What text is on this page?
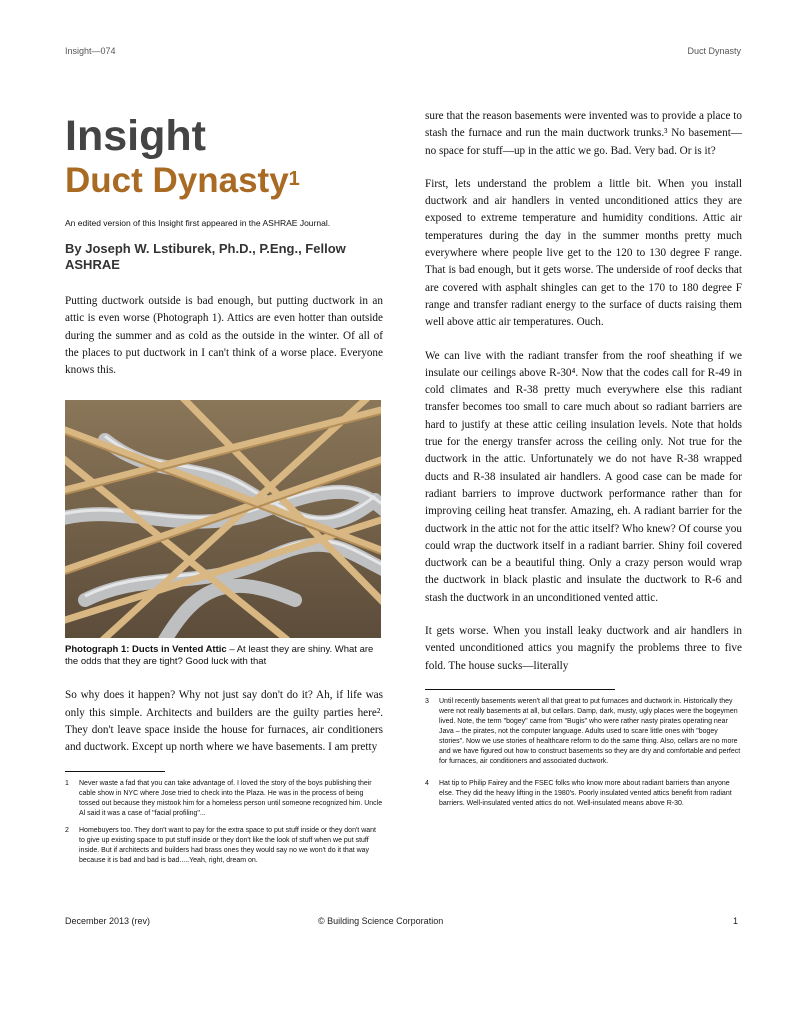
Insight—074	Duct Dynasty
Insight
Duct Dynasty$^1$
An edited version of this Insight first appeared in the ASHRAE Journal.
By Joseph W. Lstiburek, Ph.D., P.Eng., Fellow ASHRAE

Putting ductwork outside is bad enough, but putting ductwork in an attic is even worse (Photograph 1). Attics are even hotter than outside during the summer and as cold as the outside in the winter. Of all of the places to put ductwork in I can't think of a worse place. Everyone knows this.

Photograph 1: Ducts in Vented Attic – At least they are shiny. What are the odds that they are tight? Good luck with that

So why does it happen? Why not just say don't do it? Ah, if life was only this simple. Architects and builders are the guilty parties here². They don't leave space inside the house for furnaces, air conditioners and ductwork. Except up north where we have basements. I am pretty

1	Never waste a fad that you can take advantage of. I loved the story of the boys publishing their cable show in NYC where Jose tried to check into the Plaza. He was in the process of being tossed out because they mistook him for a homeless person until someone recognized him. Uncle Al said it was a case of "facial profiling"...
2	Homebuyers too. They don't want to pay for the extra space to put stuff inside or they don't want to give up existing space to put stuff inside or they don't like the look of stuff when we put stuff inside. But if architects and builders had brass ones they would say no we won't do it that way because it is bad and bad is bad.....Yeah, right, dream on.

sure that the reason basements were invented was to provide a place to stash the furnace and run the main ductwork trunks.³ No basement—no space for stuff—up in the attic we go. Bad. Very bad. Or is it?

First, lets understand the problem a little bit. When you install ductwork and air handlers in vented unconditioned attics they are exposed to extreme temperature and humidity conditions. Attic air temperatures during the day in the summer months pretty much everywhere where people live get to the 120 to 130 degree F range. That is bad enough, but it gets worse. The underside of roof decks that are covered with asphalt shingles can get to the 170 to 180 degree F range and transfer radiant energy to the surface of ducts raising them well above attic air temperatures. Ouch.

We can live with the radiant transfer from the roof sheathing if we insulate our ceilings above R-30⁴. Now that the codes call for R-49 in cold climates and R-38 pretty much everywhere else this radiant transfer becomes too small to care much about so radiant barriers are hard to justify at these attic ceiling insulation levels. Note that holds true for the energy transfer across the ceiling only. Not true for the ductwork in the attic. Unfortunately we do not have R-38 wrapped ducts and R-38 insulated air handlers. A good case can be made for radiant barriers to improve ductwork performance rather than for improving ceiling heat transfer. Amazing, eh. A radiant barrier for the ductwork in the attic not for the attic itself? Who knew? Of course you could wrap the ductwork itself in a radiant barrier. Shiny foil covered ductwork can be a beautiful thing. Only a crazy person would wrap the ductwork in black plastic and insulate the ductwork to R-6 and stash the ductwork in an unconditioned vented attic.

It gets worse. When you install leaky ductwork and air handlers in vented unconditioned attics you magnify the problems three to five fold. The house sucks—literally

3	Until recently basements weren't all that great to put furnaces and ductwork in. Historically they were not really basements at all, but cellars. Damp, dark, musty, ugly places were the bogeymen lived. Note, the term "bogey" came from "Bugis" who were rather nasty pirates operating near Java – the pirates, not the computer language. Adults used to scare little ones with "bogey stories". Now we use stories of healthcare reform to do the same thing. Also, cellars are no more and we have figured out how to construct basements so they are dry and comfortable and perfect for furnaces, air conditioners and associated ductwork.
4	Hat tip to Philip Fairey and the FSEC folks who know more about radiant barriers than anyone else. They did the heavy lifting in the 1980's. Poorly insulated vented attics benefit from radiant barriers. Well-insulated vented attics do not. Well-insulated means above R-30.
December 2013 (rev)	© Building Science Corporation	1
